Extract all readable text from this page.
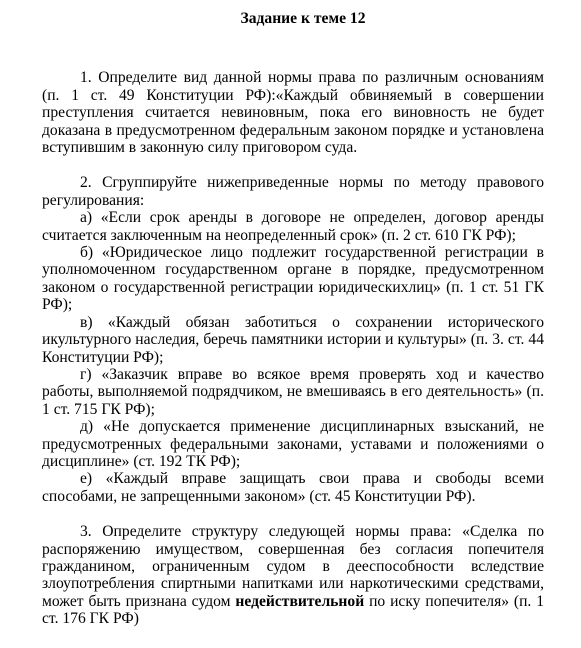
Задание к теме 12

1. Определите вид данной нормы права по различным основаниям (п. 1 ст. 49 Конституции РФ):«Каждый обвиняемый в совершении преступления считается невиновным, пока его виновность не будет доказана в предусмотренном федеральным законом порядке и установлена вступившим в законную силу приговором суда.

2. Сгруппируйте нижеприведенные нормы по методу правового регулирования:

а) «Если срок аренды в договоре не определен, договор аренды считается заключенным на неопределенный срок» (п. 2 ст. 610 ГК РФ);

б) «Юридическое лицо подлежит государственной регистрации в уполномоченном государственном органе в порядке, предусмотренном законом о государственной регистрации юридическихлиц» (п. 1 ст. 51 ГК РФ);

в) «Каждый обязан заботиться о сохранении исторического икультурного наследия, беречь памятники истории и культуры» (п. 3. ст. 44 Конституции РФ);

г) «Заказчик вправе во всякое время проверять ход и качество работы, выполняемой подрядчиком, не вмешиваясь в его деятельность» (п. 1 ст. 715 ГК РФ);

д) «Не допускается применение дисциплинарных взысканий, не предусмотренных федеральными законами, уставами и положениями о дисциплине» (ст. 192 ТК РФ);

е) «Каждый вправе защищать свои права и свободы всеми способами, не запрещенными законом» (ст. 45 Конституции РФ).

3. Определите структуру следующей нормы права: «Сделка по распоряжению имуществом, совершенная без согласия попечителя гражданином, ограниченным судом в дееспособности вследствие злоупотребления спиртными напитками или наркотическими средствами, может быть признана судом недействительной по иску попечителя» (п. 1 ст. 176 ГК РФ)
